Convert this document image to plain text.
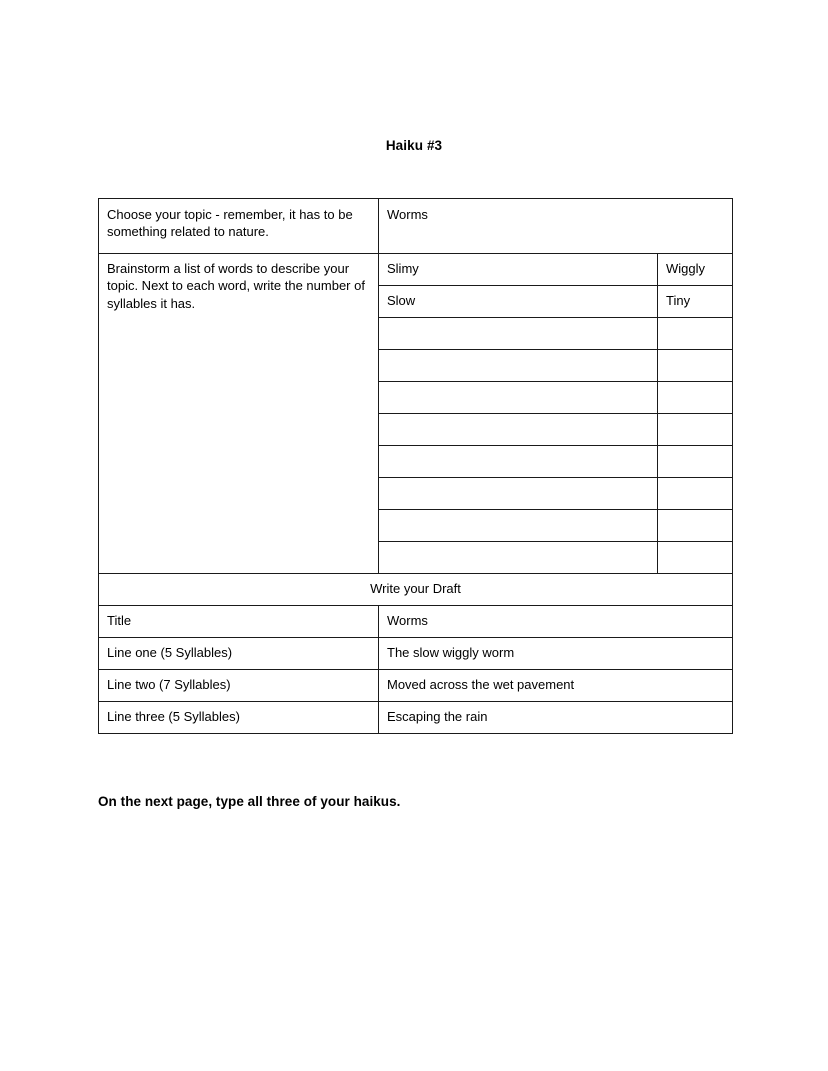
Haiku #3
Choose your topic - remember, it has to be something related to nature.	Worms	
Brainstorm a list of words to describe your topic. Next to each word, write the number of syllables it has.	Slimy	Wiggly
	Slow	Tiny

Write your Draft		
Title	Worms	
Line one (5 Syllables)	The slow wiggly worm	
Line two (7 Syllables)	Moved across the wet pavement	
Line three (5 Syllables)	Escaping the rain	
On the next page, type all three of your haikus.
